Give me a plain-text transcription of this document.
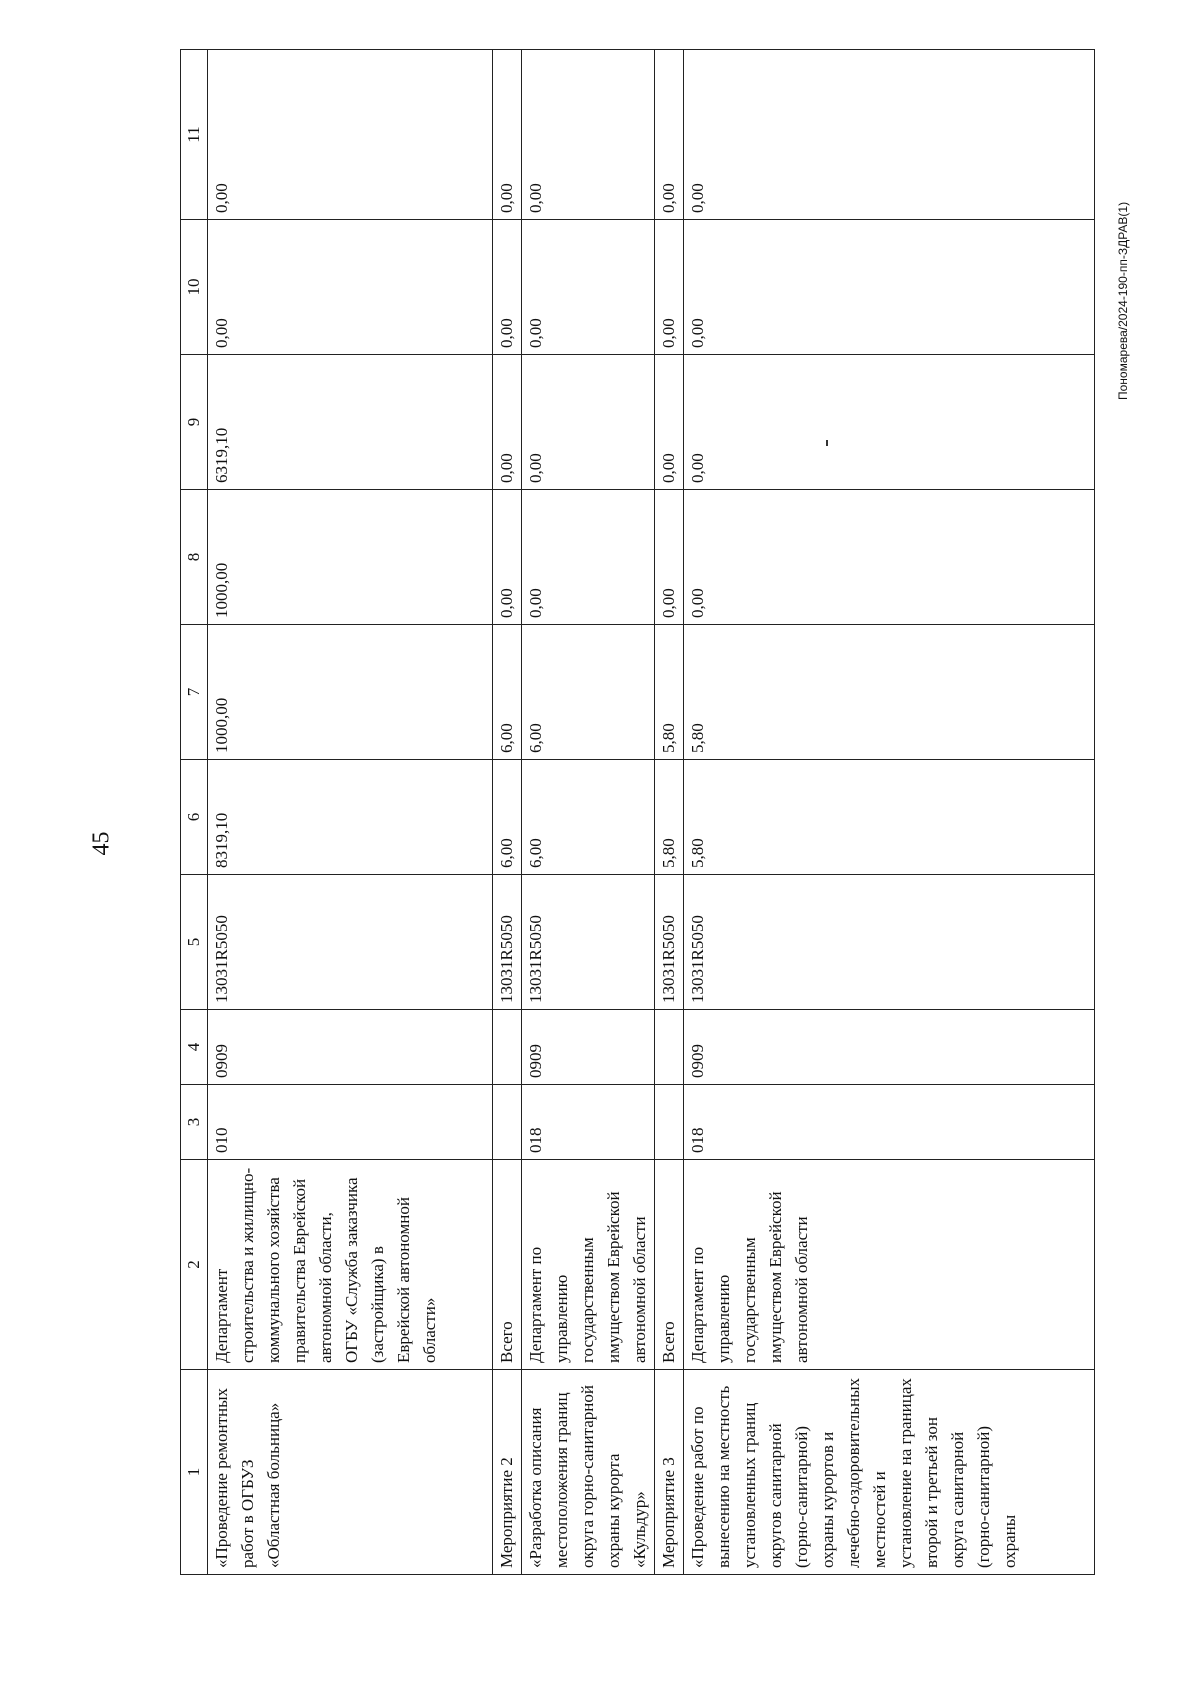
45
Пономарева/2024-190-пп-ЗДРАВ(1)
1	2	3	4	5	6	7	8	9	10	11
«Проведение ремонтных работ в ОГБУЗ «Областная больница»	Департамент строительства и жилищно-коммунального хозяйства правительства Еврейской автономной области, ОГБУ «Служба заказчика (застройщика) в Еврейской автономной области»	010	0909	13031R5050	8319,10	1000,00	1000,00	6319,10	0,00	0,00
Мероприятие 2	Всего			13031R5050	6,00	6,00	0,00	0,00	0,00	0,00
«Разработка описания местоположения границ округа горно-санитарной охраны курорта «Кульдур»	Департамент по управлению государственным имуществом Еврейской автономной области	018	0909	13031R5050	6,00	6,00	0,00	0,00	0,00	0,00
Мероприятие 3	Всего			13031R5050	5,80	5,80	0,00	0,00	0,00	0,00
«Проведение работ по вынесению на местность установленных границ округов санитарной (горно-санитарной) охраны курортов и лечебно-оздоровительных местностей и установление на границах второй и третьей зон округа санитарной (горно-санитарной) охраны	Департамент по управлению государственным имуществом Еврейской автономной области	018	0909	13031R5050	5,80	5,80	0,00	0,00	0,00	0,00
